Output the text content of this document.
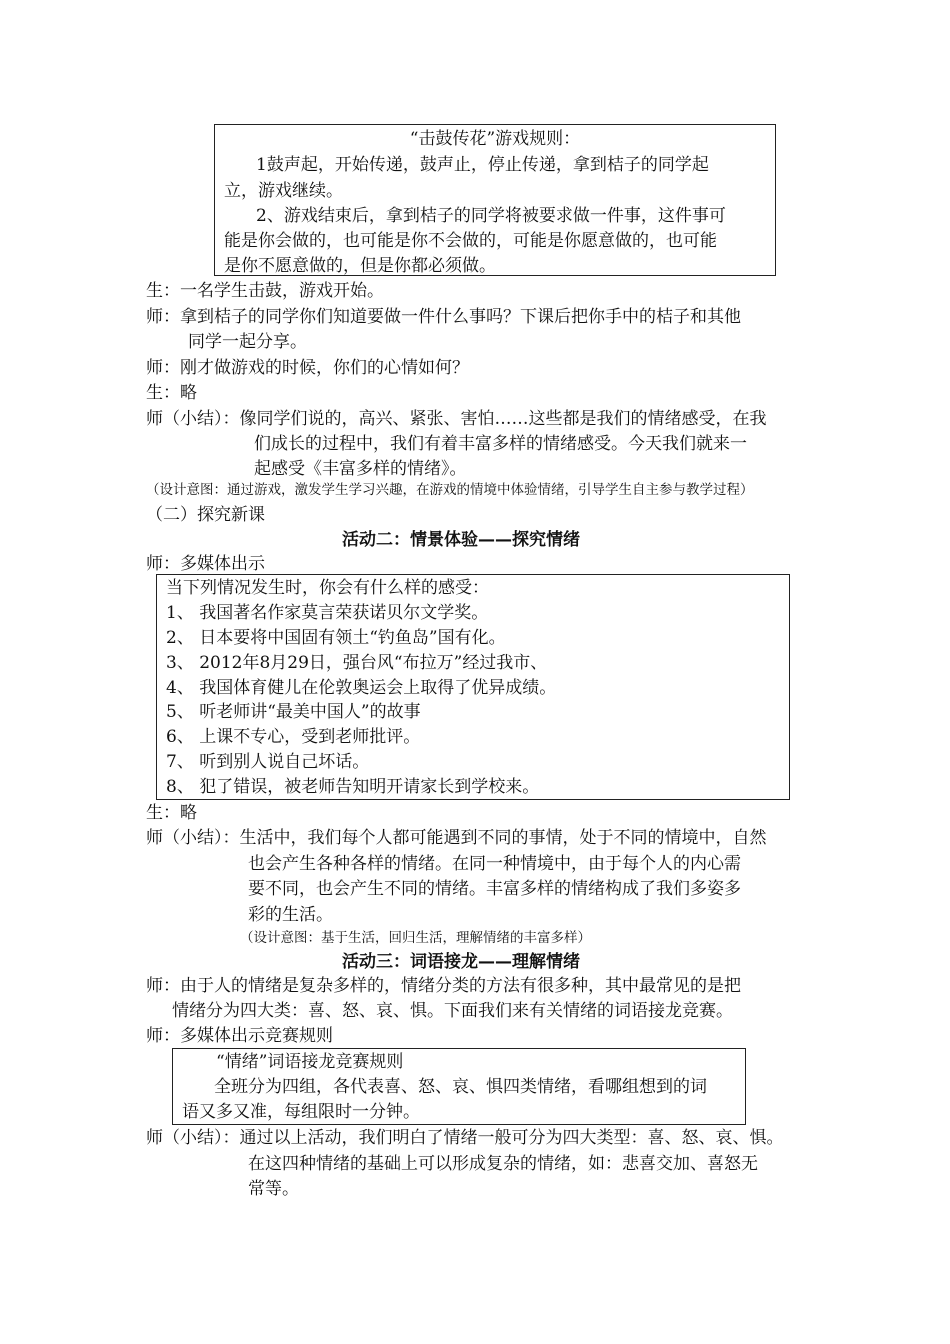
“击鼓传花”游戏规则：
1鼓声起，开始传递，鼓声止，停止传递，拿到桔子的同学起
立，游戏继续。
2、游戏结束后，拿到桔子的同学将被要求做一件事，这件事可
能是你会做的，也可能是你不会做的，可能是你愿意做的，也可能
是你不愿意做的，但是你都必须做。
生：一名学生击鼓，游戏开始。
师：拿到桔子的同学你们知道要做一件什么事吗？下课后把你手中的桔子和其他
同学一起分享。
师：刚才做游戏的时候，你们的心情如何？
生：略
师（小结）：像同学们说的，高兴、紧张、害怕……这些都是我们的情绪感受，在我
们成长的过程中，我们有着丰富多样的情绪感受。今天我们就来一
起感受《丰富多样的情绪》。
（设计意图：通过游戏，激发学生学习兴趣，在游戏的情境中体验情绪，引导学生自主参与教学过程）
（二）探究新课
活动二：情景体验——探究情绪
师：多媒体出示
当下列情况发生时，你会有什么样的感受：
1、 我国著名作家莫言荣获诺贝尔文学奖。
2、 日本要将中国固有领土“钓鱼岛”国有化。
3、 2012年8月29日，强台风“布拉万”经过我市、
4、 我国体育健儿在伦敦奥运会上取得了优异成绩。
5、 听老师讲“最美中国人”的故事
6、 上课不专心，受到老师批评。
7、 听到别人说自己坏话。
8、 犯了错误，被老师告知明开请家长到学校来。
生：略
师（小结）：生活中，我们每个人都可能遇到不同的事情，处于不同的情境中，自然
也会产生各种各样的情绪。在同一种情境中，由于每个人的内心需
要不同，也会产生不同的情绪。丰富多样的情绪构成了我们多姿多
彩的生活。
（设计意图：基于生活，回归生活，理解情绪的丰富多样）
活动三：词语接龙——理解情绪
师：由于人的情绪是复杂多样的，情绪分类的方法有很多种，其中最常见的是把
情绪分为四大类：喜、怒、哀、惧。下面我们来有关情绪的词语接龙竞赛。
师：多媒体出示竞赛规则
“情绪”词语接龙竞赛规则
全班分为四组，各代表喜、怒、哀、惧四类情绪，看哪组想到的词
语又多又准，每组限时一分钟。
师（小结）：通过以上活动，我们明白了情绪一般可分为四大类型：喜、怒、哀、惧。
在这四种情绪的基础上可以形成复杂的情绪，如：悲喜交加、喜怒无
常等。
